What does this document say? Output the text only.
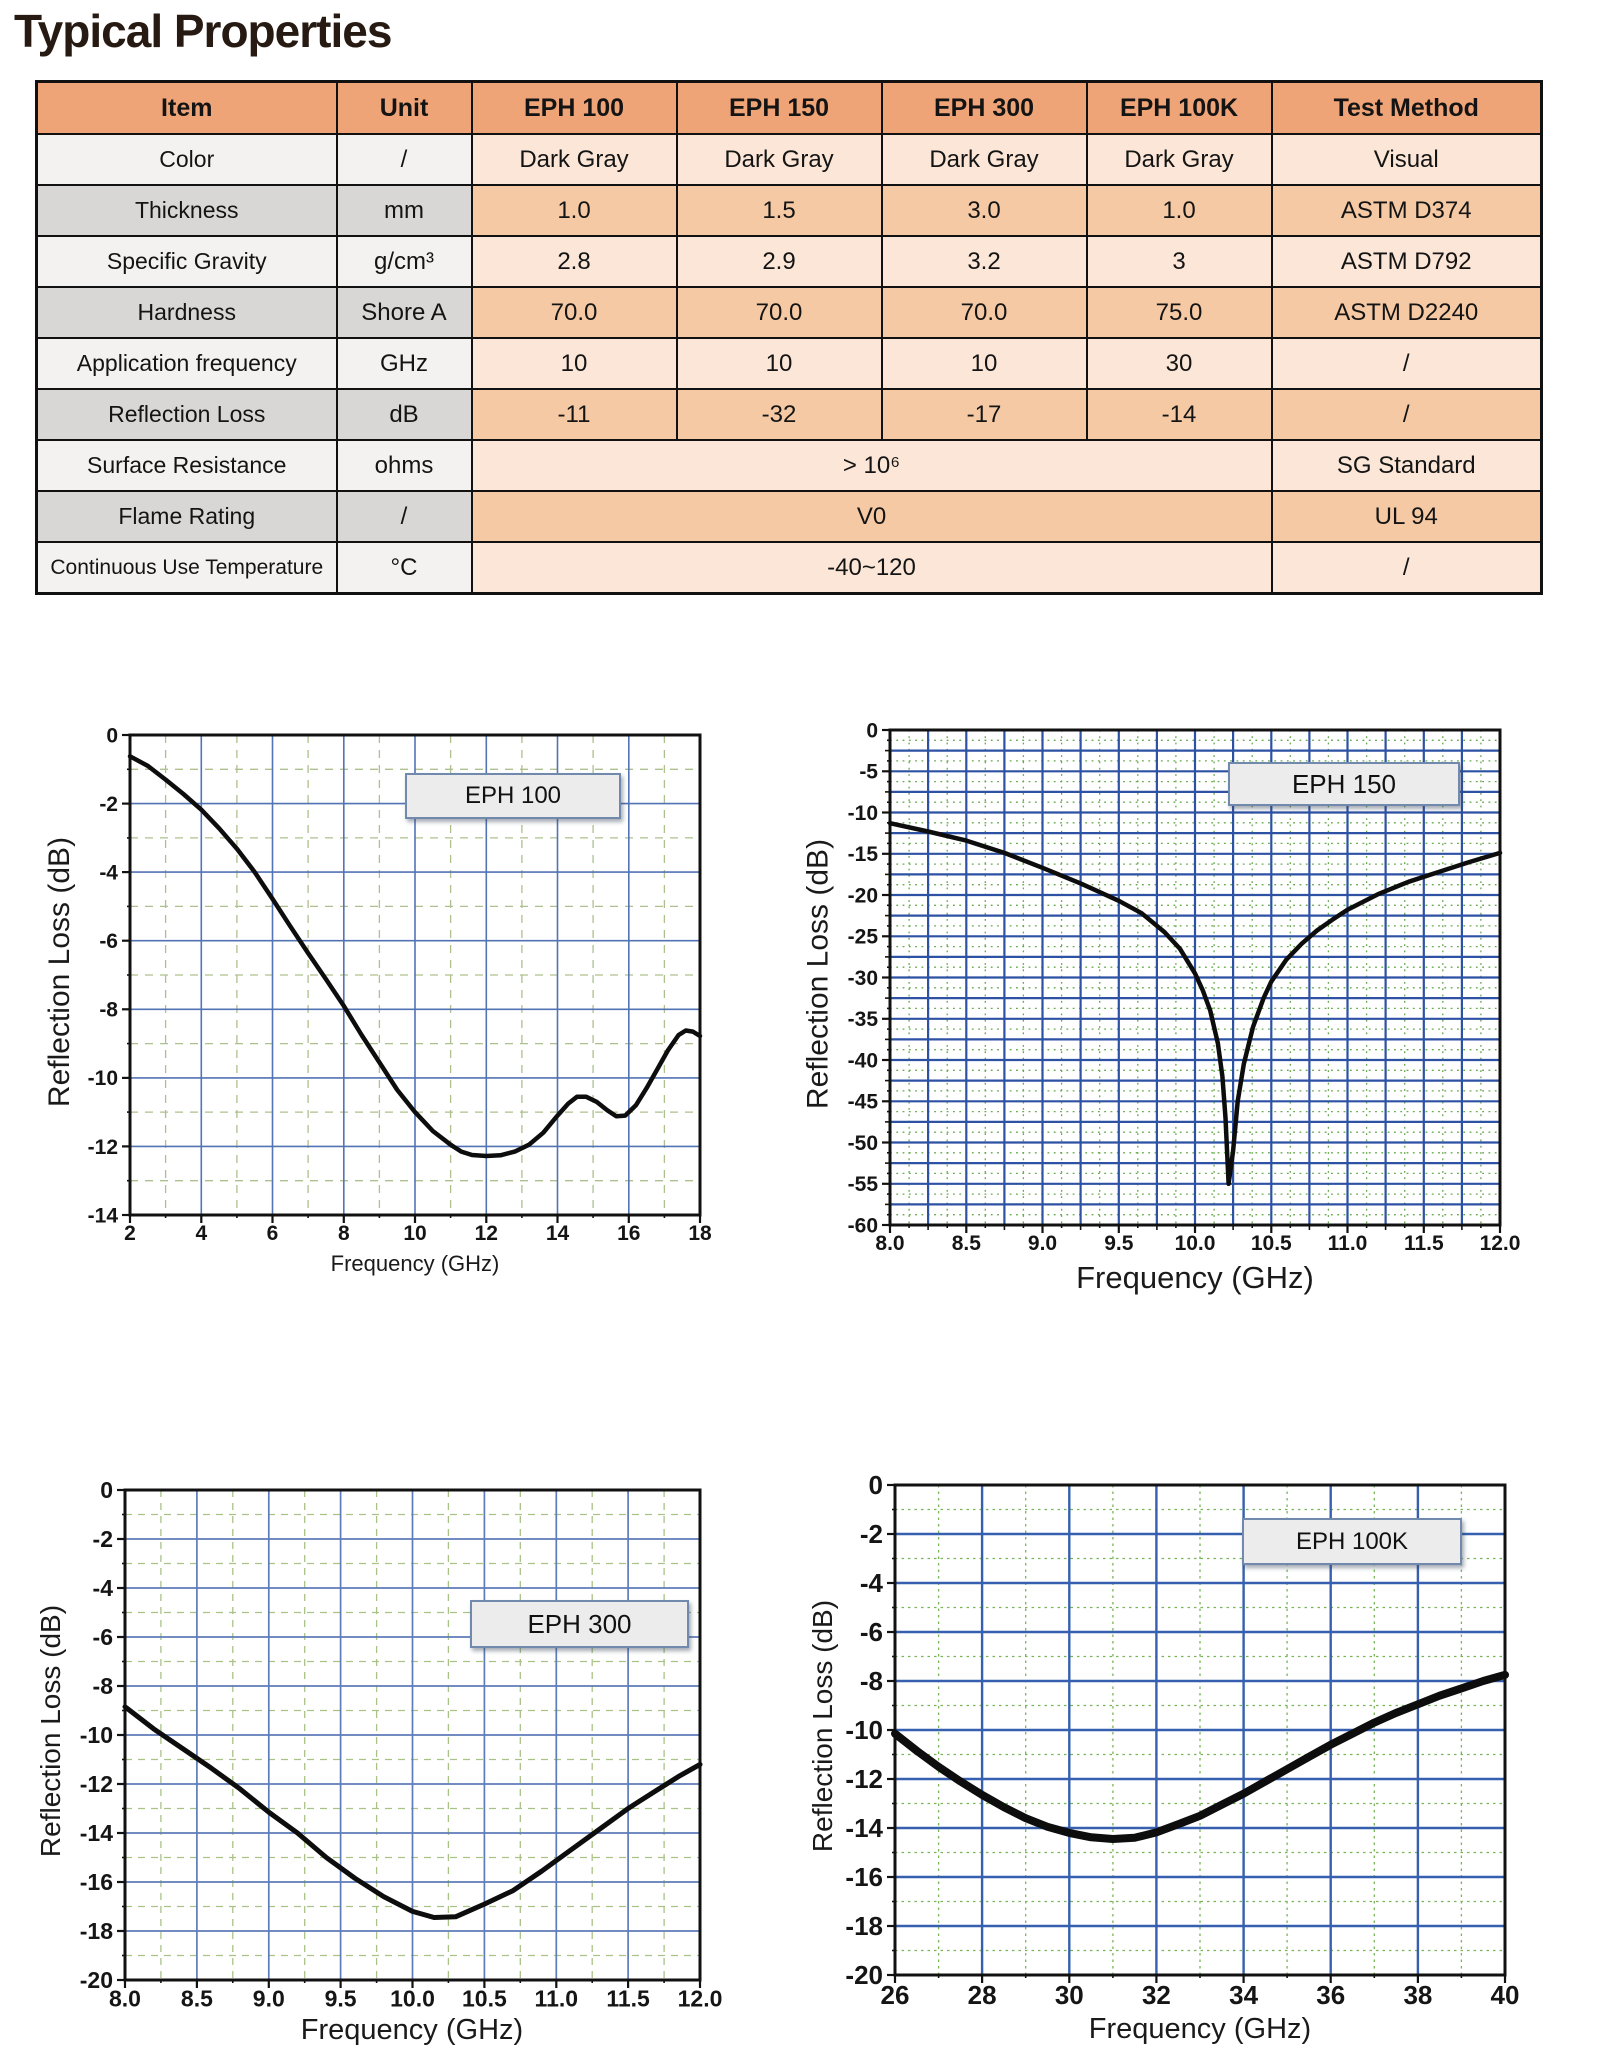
Typical Properties
Item	Unit	EPH 100	EPH 150	EPH 300	EPH 100K	Test Method
Color	/	Dark Gray	Dark Gray	Dark Gray	Dark Gray	Visual
Thickness	mm	1.0	1.5	3.0	1.0	ASTM D374
Specific Gravity	g/cm³	2.8	2.9	3.2	3	ASTM D792
Hardness	Shore A	70.0	70.0	70.0	75.0	ASTM D2240
Application frequency	GHz	10	10	10	30	/
Reflection Loss	dB	-11	-32	-17	-14	/
Surface Resistance	ohms	> 10⁶				SG Standard
Flame Rating	/	V0				UL 94
Continuous Use Temperature	°C	-40~120				/
2	4	6	8	10 12 14 16 18
0
-2
-4
-6
-8
-10
-12
-14
Reflection Loss (dB)
Frequency (GHz)
EPH 100
8.0 8.5 9.0 9.5 10.0 10.5 11.0 11.5 12.0
0
-5
-10
-15
-20
-25
-30
-35
-40
-45
-50
-55
-60
Reflection Loss (dB)
Frequency (GHz)
EPH 150
8.0 8.5 9.0 9.5 10.0 10.5 11.0 11.5 12.0
0
-2
-4
-6
-8
-10
-12
-14
-16
-18
-20
Reflection Loss (dB)
Frequency (GHz)
EPH 300
26 28 30 32 34 36 38 40
0
-2
-4
-6
-8
-10
-12
-14
-16
-18
-20
Reflection Loss (dB)
Frequency (GHz)
EPH 100K
